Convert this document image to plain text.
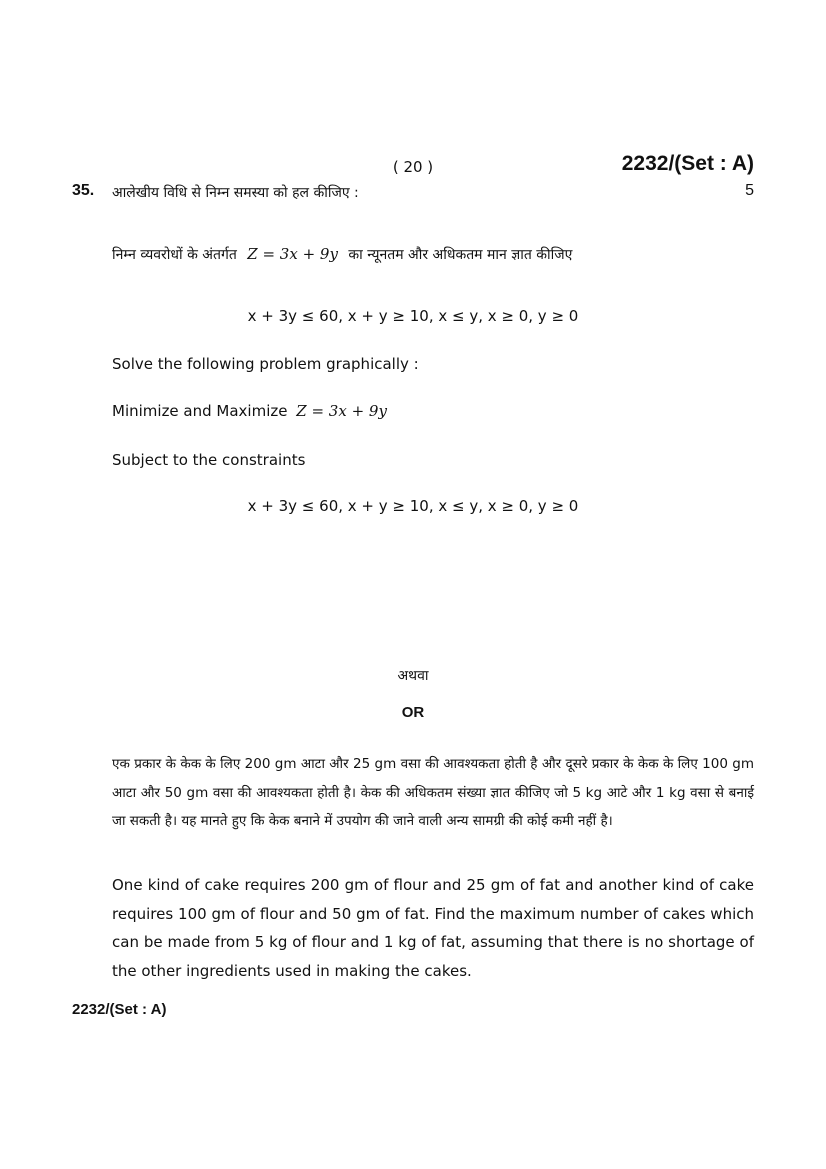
( 20 )	2232/(Set : A)
35. आलेखीय विधि से निम्न समस्या को हल कीजिए :	5
निम्न व्यवरोधों के अंतर्गत Z = 3x + 9y का न्यूनतम और अधिकतम मान ज्ञात कीजिए
x + 3y ≤ 60, x + y ≥ 10, x ≤ y, x ≥ 0, y ≥ 0
Solve the following problem graphically :
Minimize and Maximize Z = 3x + 9y
Subject to the constraints
x + 3y ≤ 60, x + y ≥ 10, x ≤ y, x ≥ 0, y ≥ 0
अथवा
OR
एक प्रकार के केक के लिए 200 gm आटा और 25 gm वसा की आवश्यकता होती है और दूसरे प्रकार के केक के लिए 100 gm आटा और 50 gm वसा की आवश्यकता होती है। केक की अधिकतम संख्या ज्ञात कीजिए जो 5 kg आटे और 1 kg वसा से बनाई जा सकती है। यह मानते हुए कि केक बनाने में उपयोग की जाने वाली अन्य सामग्री की कोई कमी नहीं है।
One kind of cake requires 200 gm of flour and 25 gm of fat and another kind of cake requires 100 gm of flour and 50 gm of fat. Find the maximum number of cakes which can be made from 5 kg of flour and 1 kg of fat, assuming that there is no shortage of the other ingredients used in making the cakes.
2232/(Set : A)
